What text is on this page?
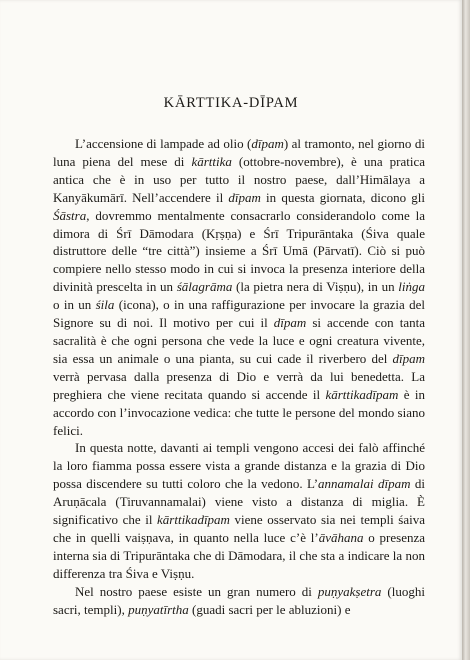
KĀRTTIKA-DĪPAM

L’accensione di lampade ad olio (dīpam) al tramonto, nel giorno di luna piena del mese di kārttika (ottobre-novembre), è una pratica antica che è in uso per tutto il nostro paese, dall’Himālaya a Kanyākumārī. Nell’accendere il dīpam in questa giornata, dicono gli Śāstra, dovremmo mentalmente consacrarlo considerandolo come la dimora di Śrī Dāmodara (Kṛṣṇa) e Śrī Tripurāntaka (Śiva quale distruttore delle “tre città”) insieme a Śrī Umā (Pārvatī). Ciò si può compiere nello stesso modo in cui si invoca la presenza interiore della divinità prescelta in un śālagrāma (la pietra nera di Viṣṇu), in un liṅga o in un śila (icona), o in una raffigurazione per invocare la grazia del Signore su di noi. Il motivo per cui il dīpam si accende con tanta sacralità è che ogni persona che vede la luce e ogni creatura vivente, sia essa un animale o una pianta, su cui cade il riverbero del dīpam verrà pervasa dalla presenza di Dio e verrà da lui benedetta. La preghiera che viene recitata quando si accende il kārttikadīpam è in accordo con l’invocazione vedica: che tutte le persone del mondo siano felici.

In questa notte, davanti ai templi vengono accesi dei falò affinché la loro fiamma possa essere vista a grande distanza e la grazia di Dio possa discendere su tutti coloro che la vedono. L’annamalai dīpam di Aruṇācala (Tiruvannamalai) viene visto a distanza di miglia. È significativo che il kārttikadīpam viene osservato sia nei templi śaiva che in quelli vaiṣṇava, in quanto nella luce c’è l’āvāhana o presenza interna sia di Tripurāntaka che di Dāmodara, il che sta a indicare la non differenza tra Śiva e Viṣṇu.

Nel nostro paese esiste un gran numero di puṇyakṣetra (luoghi sacri, templi), puṇyatīrtha (guadi sacri per le abluzioni) e
